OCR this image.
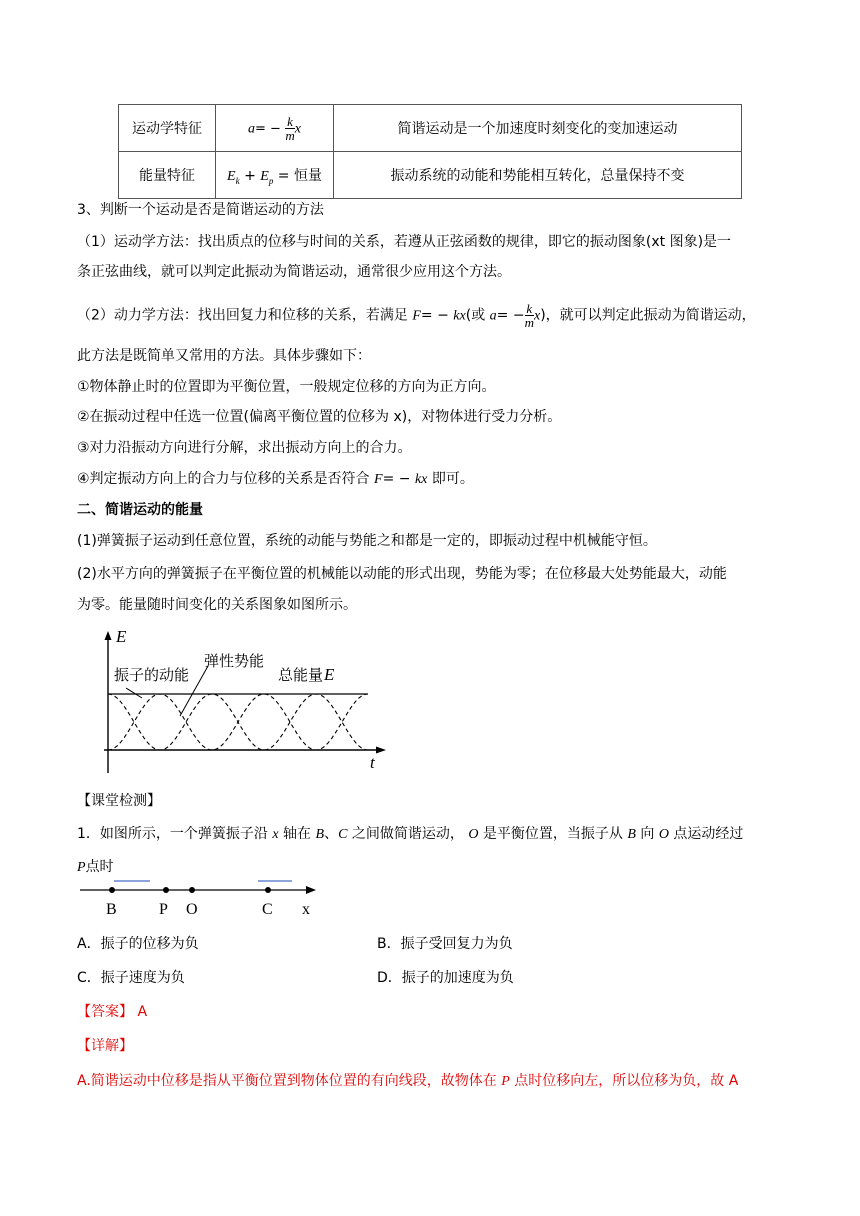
运动学特征	$a= - \frac{k}{m}$ x	简谐运动是一个加速度时刻变化的变加速运动
能量特征	$E_k + E_p$ = 恒量	振动系统的动能和势能相互转化，总量保持不变
3、判断一个运动是否是简谐运动的方法
（1）运动学方法：找出质点的位移与时间的关系，若遵从正弦函数的规律，即它的振动图象(xt 图象)是一
条正弦曲线，就可以判定此振动为简谐运动，通常很少应用这个方法。
（2）动力学方法：找出回复力和位移的关系，若满足 F= − kx(或 $a= - \frac{k}{m} x$)，就可以判定此振动为简谐运动，
此方法是既简单又常用的方法。具体步骤如下：
①物体静止时的位置即为平衡位置，一般规定位移的方向为正方向。
②在振动过程中任选一位置(偏离平衡位置的位移为 x)，对物体进行受力分析。
③对力沿振动方向进行分解，求出振动方向上的合力。
④判定振动方向上的合力与位移的关系是否符合 F= − kx 即可。
二、简谐运动的能量
(1)弹簧振子运动到任意位置，系统的动能与势能之和都是一定的，即振动过程中机械能守恒。
(2)水平方向的弹簧振子在平衡位置的机械能以动能的形式出现，势能为零；在位移最大处势能最大，动能
为零。能量随时间变化的关系图象如图所示。
E
t
振子的动能
弹性势能
总能量 E
【课堂检测】
1．如图所示，一个弹簧振子沿 x 轴在 B、C 之间做简谐运动， O 是平衡位置，当振子从 B 向 O 点运动经过
P点时
B	P O	C x
A．振子的位移为负	B．振子受回复力为负
C．振子速度为负	D．振子的加速度为负
【答案】 A
【详解】
A.简谐运动中位移是指从平衡位置到物体位置的有向线段，故物体在 P 点时位移向左，所以位移为负，故 A
